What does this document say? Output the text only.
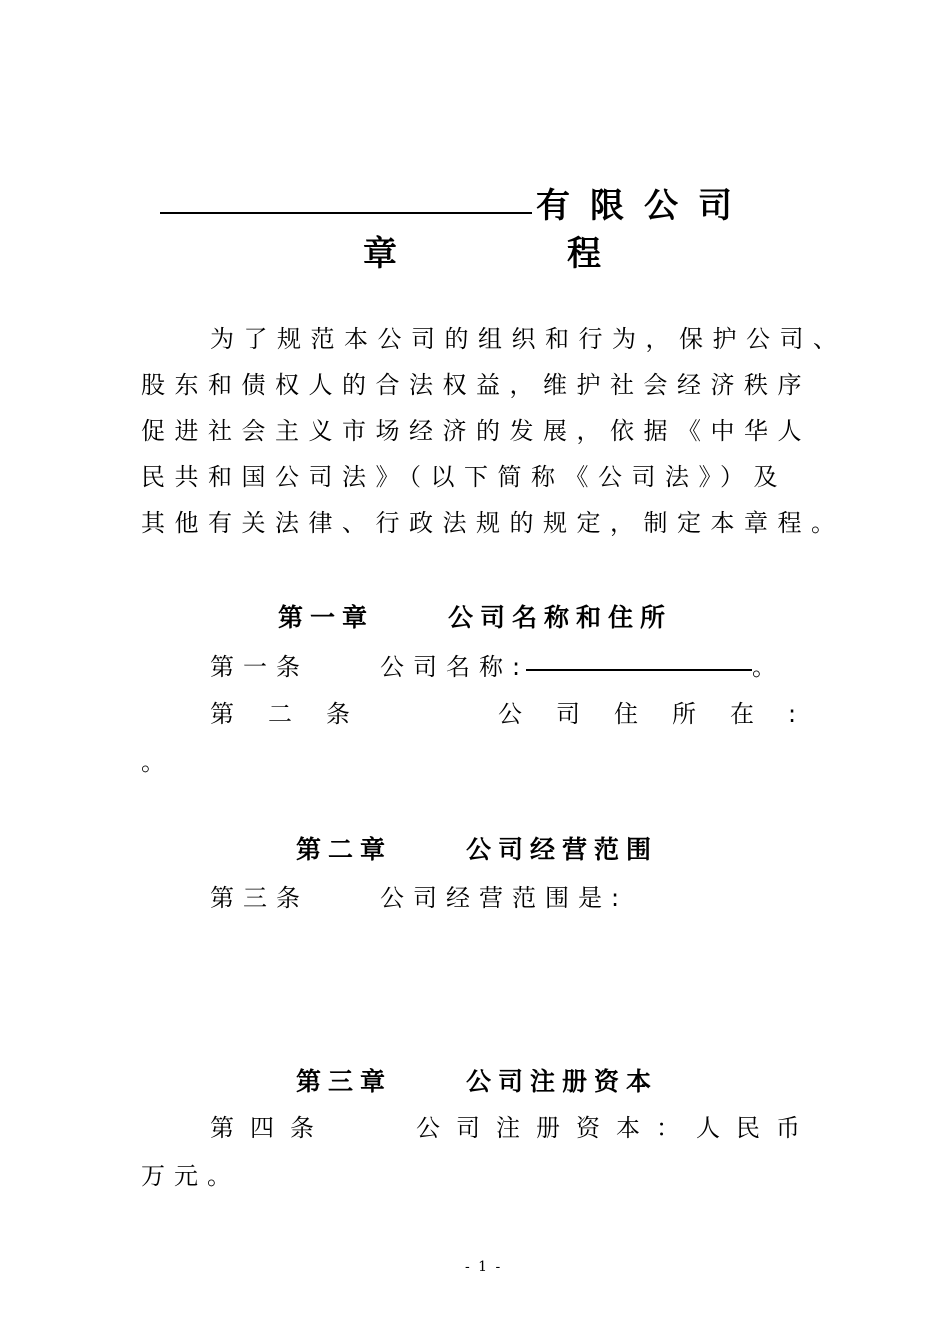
有限公司
章	程
为了规范本公司的组织和行为，保护公司、
股东和债权人的合法权益，维护社会经济秩序
促进社会主义市场经济的发展，依据《中华人
民共和国公司法》（以下简称《公司法》）及
其他有关法律、行政法规的规定，制定本章程。
第一章	公司名称和住所
第一条	公司名称:	。
第二条	公司住所在:
。
第二章	公司经营范围
第三条	公司经营范围是:
第三章	公司注册资本
第四条	公司注册资本：人民币
万元。
- 1 -
